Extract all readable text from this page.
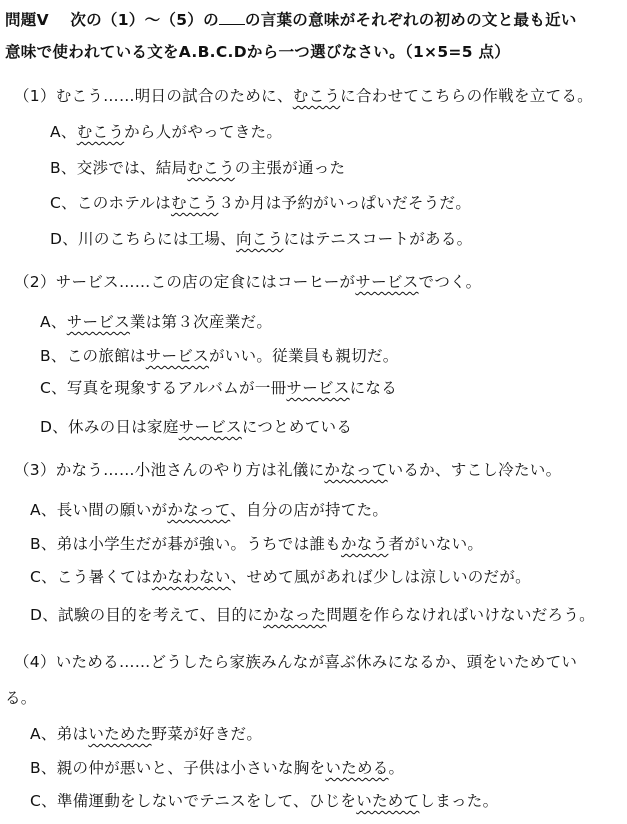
問題Ⅴ 次の（1）～（5）の の言葉の意味がそれぞれの初めの文と最も近い
意味で使われている文をA.B.C.Dから一つ選びなさい。（1×5=5 点）
（1）むこう……明日の試合のために、むこうに合わせてこちらの作戦を立てる。
A、むこうから人がやってきた。
B、交渉では、結局むこうの主張が通った
C、このホテルはむこう３か月は予約がいっぱいだそうだ。
D、川のこちらには工場、向こうにはテニスコートがある。
（2）サービス……この店の定食にはコーヒーがサービスでつく。
A、サービス業は第３次産業だ。
B、この旅館はサービスがいい。従業員も親切だ。
C、写真を現象するアルバムが一冊サービスになる
D、休みの日は家庭サービスにつとめている
（3）かなう……小池さんのやり方は礼儀にかなっているか、すこし冷たい。
A、長い間の願いがかなって、自分の店が持てた。
B、弟は小学生だが碁が強い。うちでは誰もかなう者がいない。
C、こう暑くてはかなわない、せめて風があれば少しは涼しいのだが。
D、試験の目的を考えて、目的にかなった問題を作らなければいけないだろう。
（4）いためる……どうしたら家族みんなが喜ぶ休みになるか、頭をいためてい
る。
A、弟はいためた野菜が好きだ。
B、親の仲が悪いと、子供は小さいな胸をいためる。
C、準備運動をしないでテニスをして、ひじをいためてしまった。
